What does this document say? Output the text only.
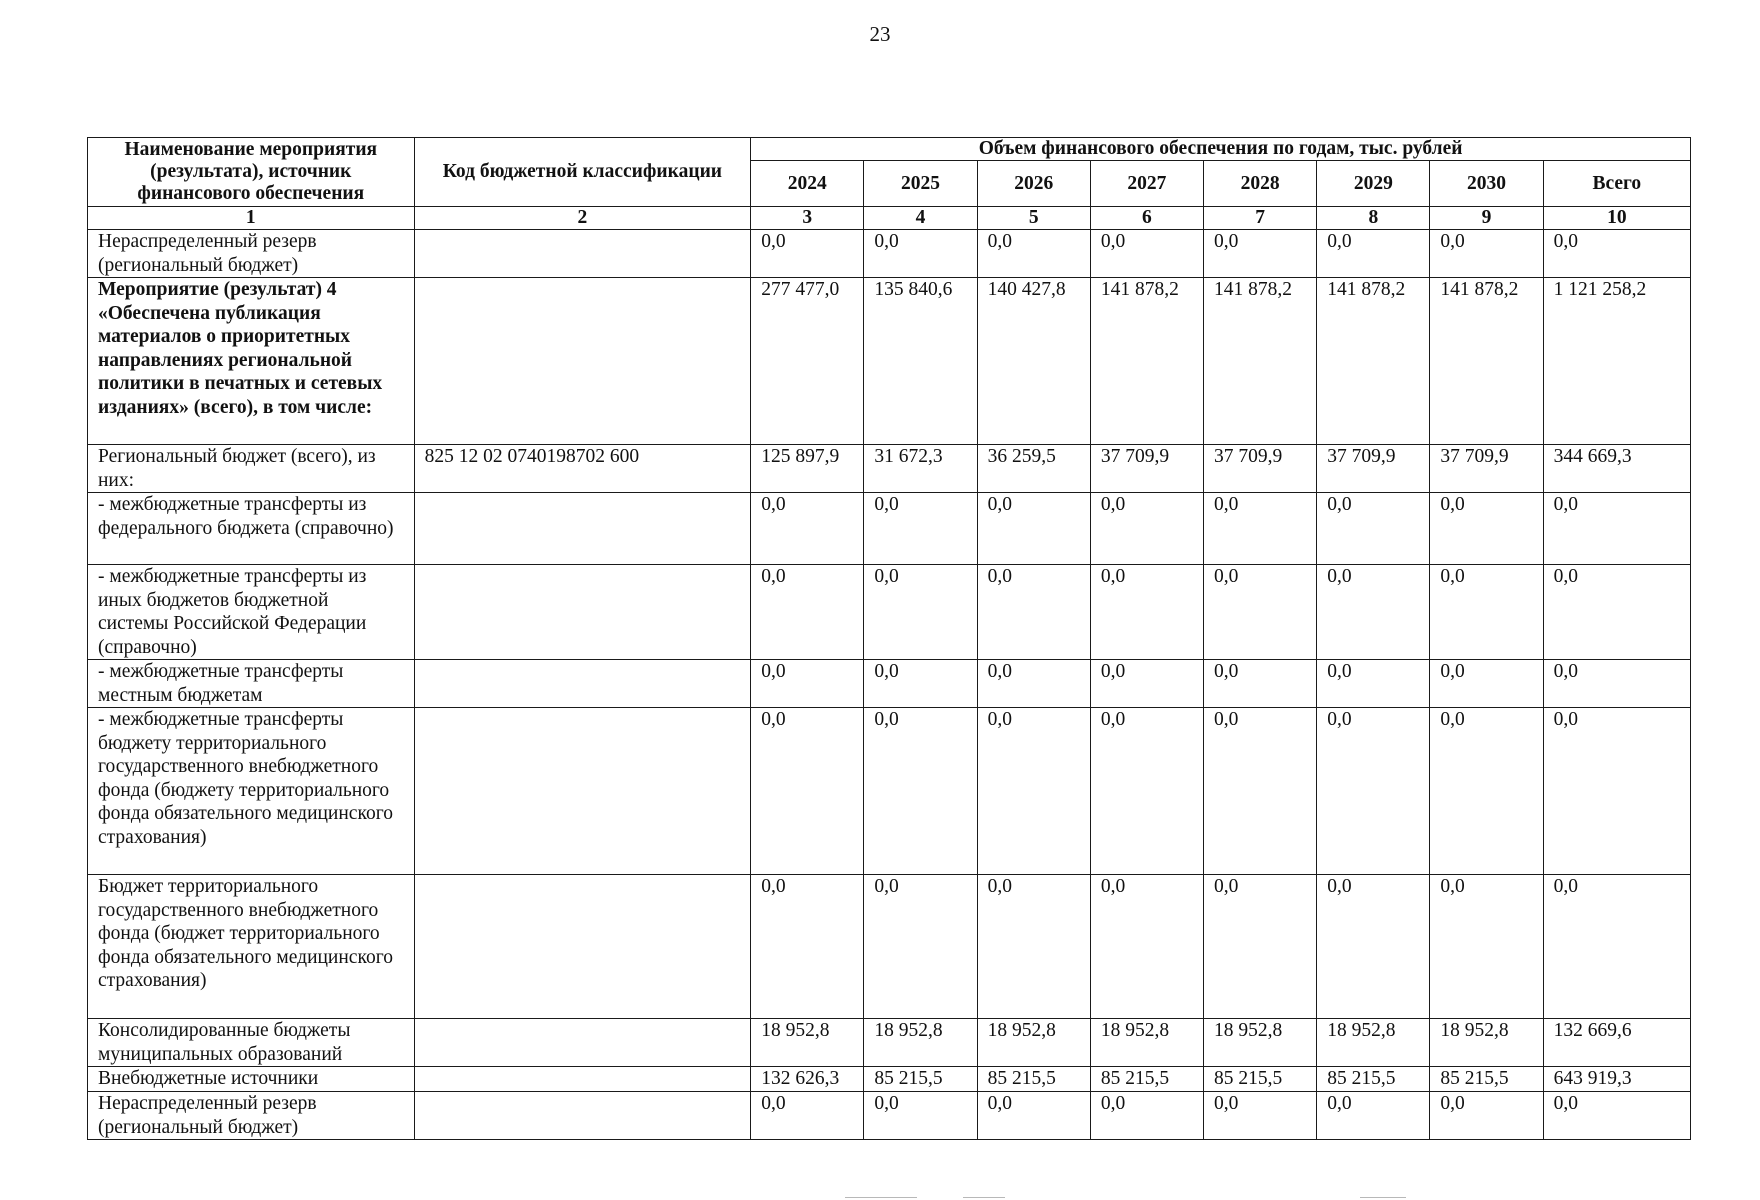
23
Наименование мероприятия (результата), источник финансового обеспечения	Код бюджетной классификации	Объем финансового обеспечения по годам, тыс. рублей							
		2024	2025	2026	2027	2028	2029	2030	Всего
1	2	3	4	5	6	7	8	9	10
Нераспределенный резерв (региональный бюджет)		0,0	0,0	0,0	0,0	0,0	0,0	0,0	0,0
Мероприятие (результат) 4 «Обеспечена публикация материалов о приоритетных направлениях региональной политики в печатных и сетевых изданиях» (всего), в том числе:		277 477,0	135 840,6	140 427,8	141 878,2	141 878,2	141 878,2	141 878,2	1 121 258,2
Региональный бюджет (всего), из них:	825 12 02 0740198702 600	125 897,9	31 672,3	36 259,5	37 709,9	37 709,9	37 709,9	37 709,9	344 669,3
- межбюджетные трансферты из федерального бюджета (справочно)		0,0	0,0	0,0	0,0	0,0	0,0	0,0	0,0
- межбюджетные трансферты из иных бюджетов бюджетной системы Российской Федерации (справочно)		0,0	0,0	0,0	0,0	0,0	0,0	0,0	0,0
- межбюджетные трансферты местным бюджетам		0,0	0,0	0,0	0,0	0,0	0,0	0,0	0,0
- межбюджетные трансферты бюджету территориального государственного внебюджетного фонда (бюджету территориального фонда обязательного медицинского страхования)		0,0	0,0	0,0	0,0	0,0	0,0	0,0	0,0
Бюджет территориального государственного внебюджетного фонда (бюджет территориального фонда обязательного медицинского страхования)		0,0	0,0	0,0	0,0	0,0	0,0	0,0	0,0
Консолидированные бюджеты муниципальных образований		18 952,8	18 952,8	18 952,8	18 952,8	18 952,8	18 952,8	18 952,8	132 669,6
Внебюджетные источники		132 626,3	85 215,5	85 215,5	85 215,5	85 215,5	85 215,5	85 215,5	643 919,3
Нераспределенный резерв (региональный бюджет)		0,0	0,0	0,0	0,0	0,0	0,0	0,0	0,0
